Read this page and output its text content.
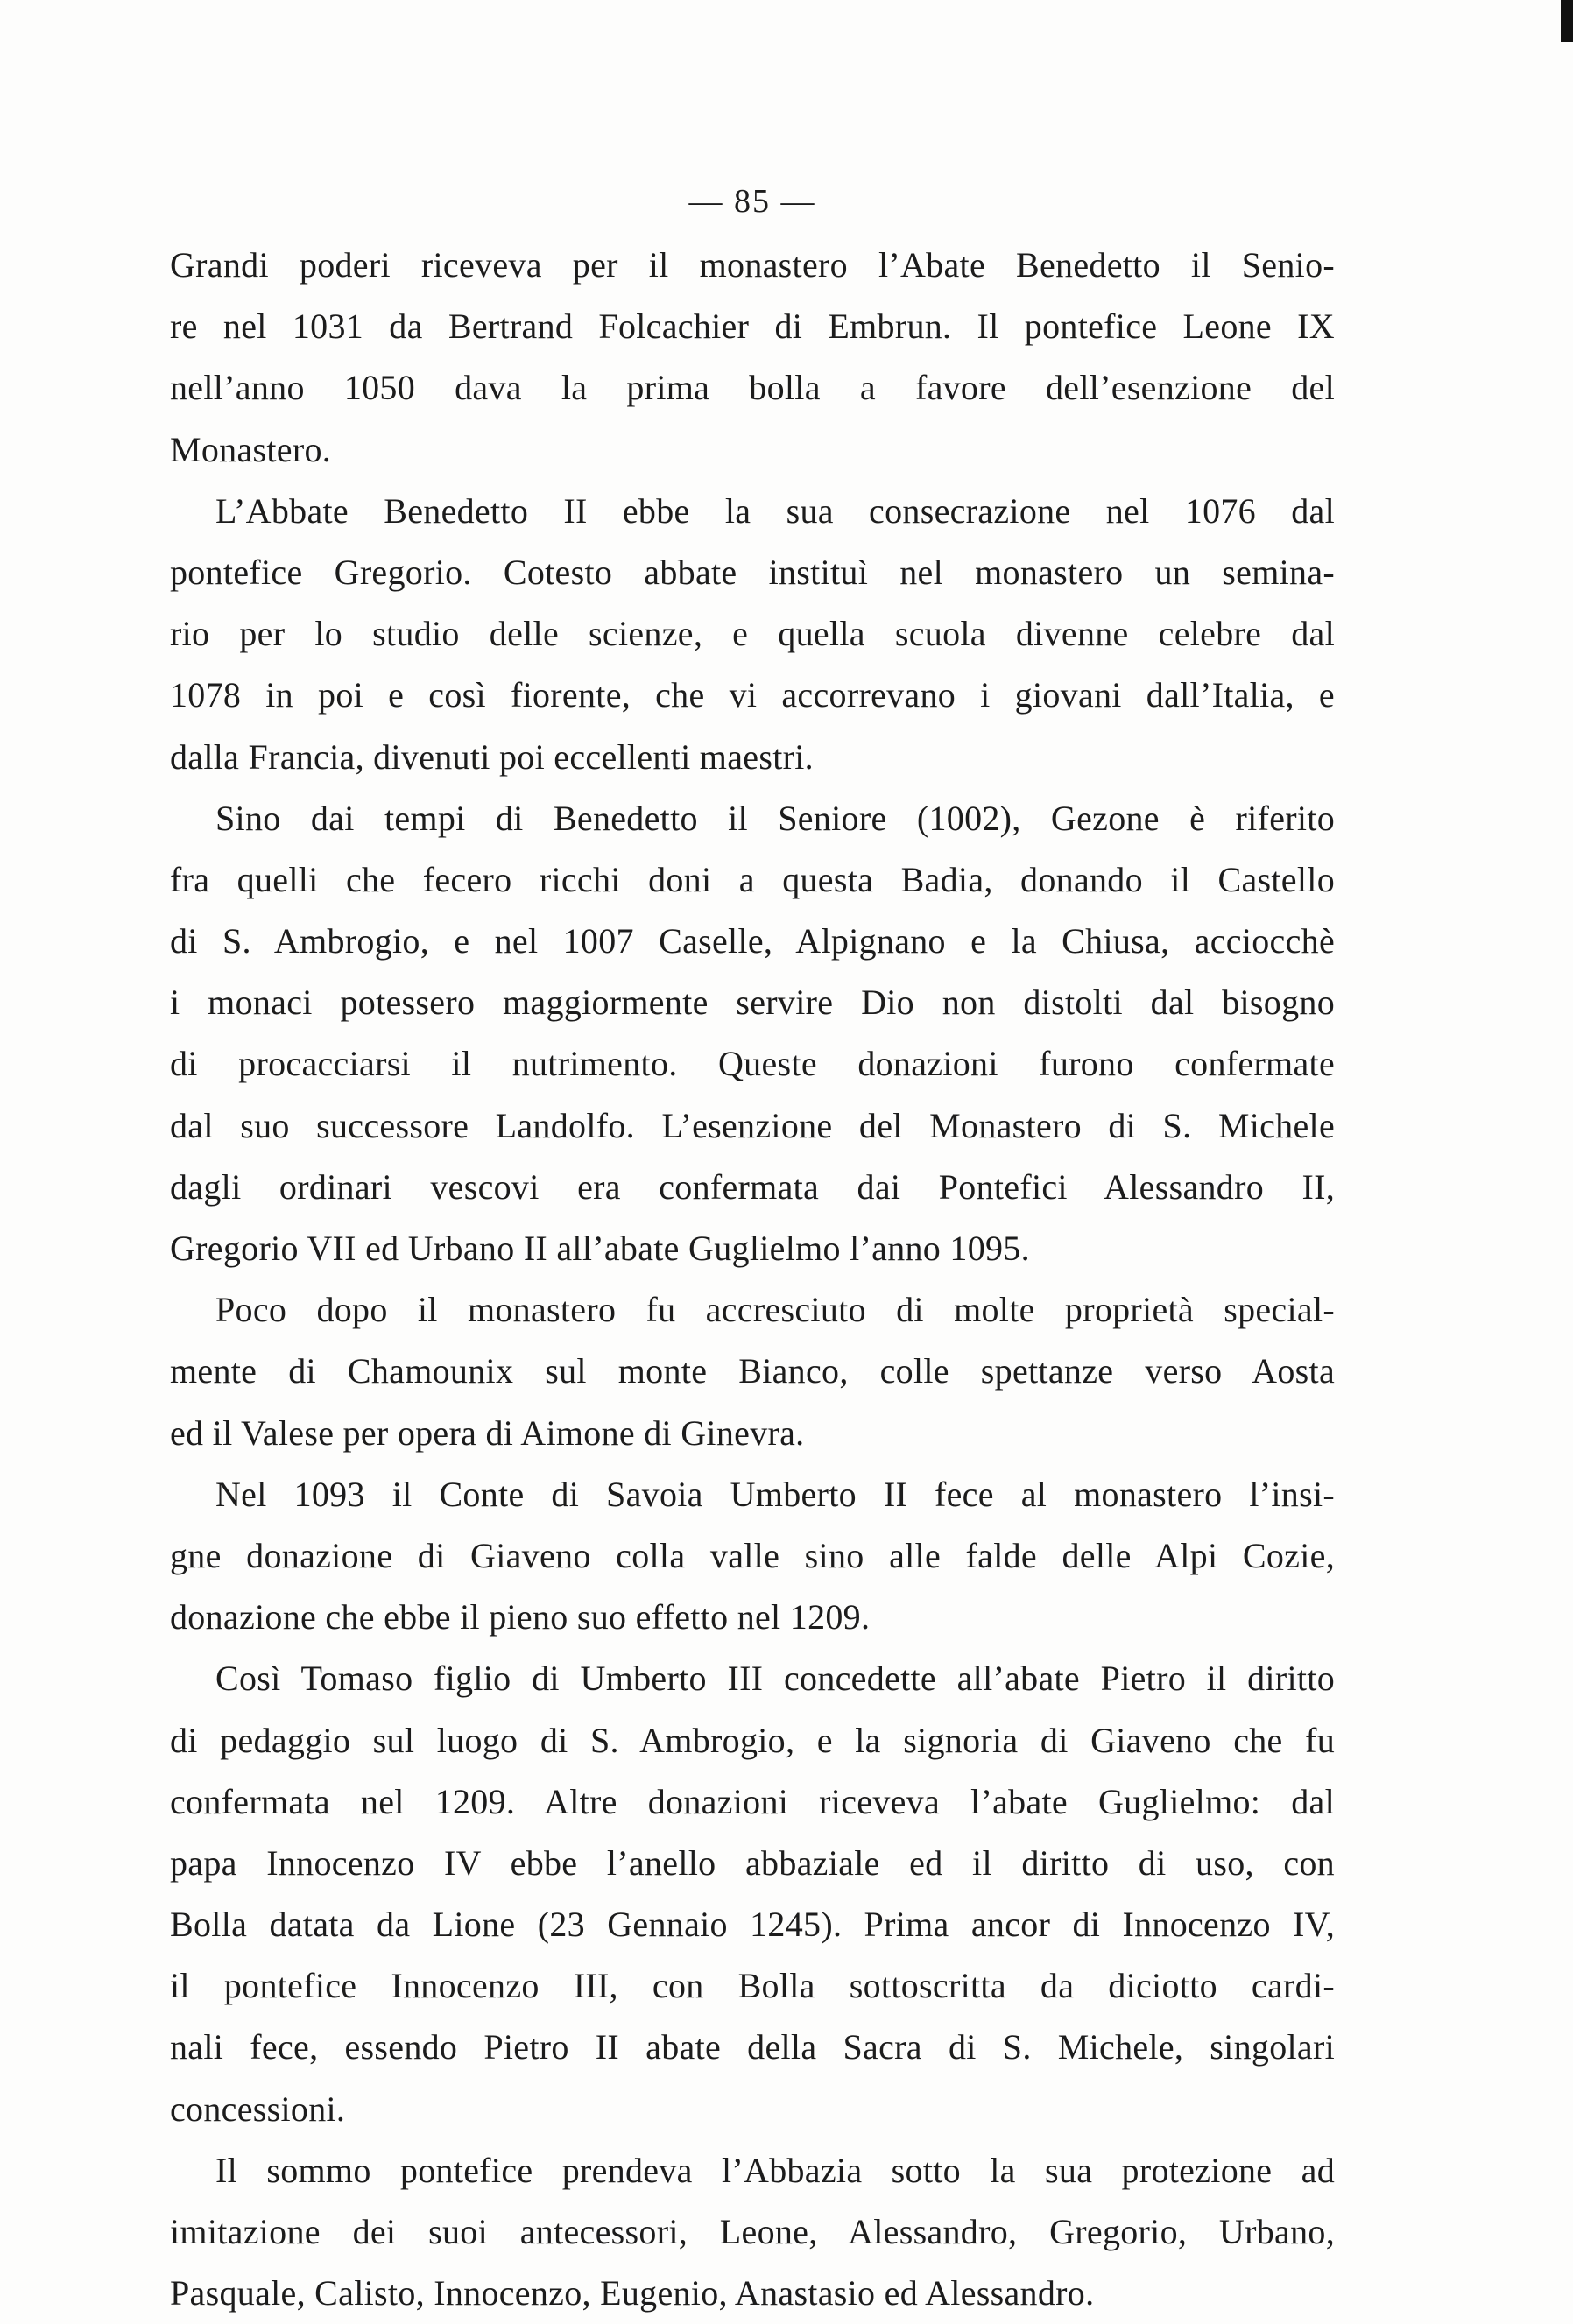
— 85 —
Grandi poderi riceveva per il monastero l’Abate Benedetto il Senio-
re nel 1031 da Bertrand Folcachier di Embrun. Il pontefice Leone IX
nell’anno 1050 dava la prima bolla a favore dell’esenzione del
Monastero.
L’Abbate Benedetto II ebbe la sua consecrazione nel 1076 dal
pontefice Gregorio. Cotesto abbate instituì nel monastero un semina-
rio per lo studio delle scienze, e quella scuola divenne celebre dal
1078 in poi e così fiorente, che vi accorrevano i giovani dall’Italia, e
dalla Francia, divenuti poi eccellenti maestri.
Sino dai tempi di Benedetto il Seniore (1002), Gezone è riferito
fra quelli che fecero ricchi doni a questa Badia, donando il Castello
di S. Ambrogio, e nel 1007 Caselle, Alpignano e la Chiusa, acciocchè
i monaci potessero maggiormente servire Dio non distolti dal bisogno
di procacciarsi il nutrimento. Queste donazioni furono confermate
dal suo successore Landolfo. L’esenzione del Monastero di S. Michele
dagli ordinari vescovi era confermata dai Pontefici Alessandro II,
Gregorio VII ed Urbano II all’abate Guglielmo l’anno 1095.
Poco dopo il monastero fu accresciuto di molte proprietà special-
mente di Chamounix sul monte Bianco, colle spettanze verso Aosta
ed il Valese per opera di Aimone di Ginevra.
Nel 1093 il Conte di Savoia Umberto II fece al monastero l’insi-
gne donazione di Giaveno colla valle sino alle falde delle Alpi Cozie,
donazione che ebbe il pieno suo effetto nel 1209.
Così Tomaso figlio di Umberto III concedette all’abate Pietro il diritto
di pedaggio sul luogo di S. Ambrogio, e la signoria di Giaveno che fu
confermata nel 1209. Altre donazioni riceveva l’abate Guglielmo: dal
papa Innocenzo IV ebbe l’anello abbaziale ed il diritto di uso, con
Bolla datata da Lione (23 Gennaio 1245). Prima ancor di Innocenzo IV,
il pontefice Innocenzo III, con Bolla sottoscritta da diciotto cardi-
nali fece, essendo Pietro II abate della Sacra di S. Michele, singolari
concessioni.
Il sommo pontefice prendeva l’Abbazia sotto la sua protezione ad
imitazione dei suoi antecessori, Leone, Alessandro, Gregorio, Urbano,
Pasquale, Calisto, Innocenzo, Eugenio, Anastasio ed Alessandro.
